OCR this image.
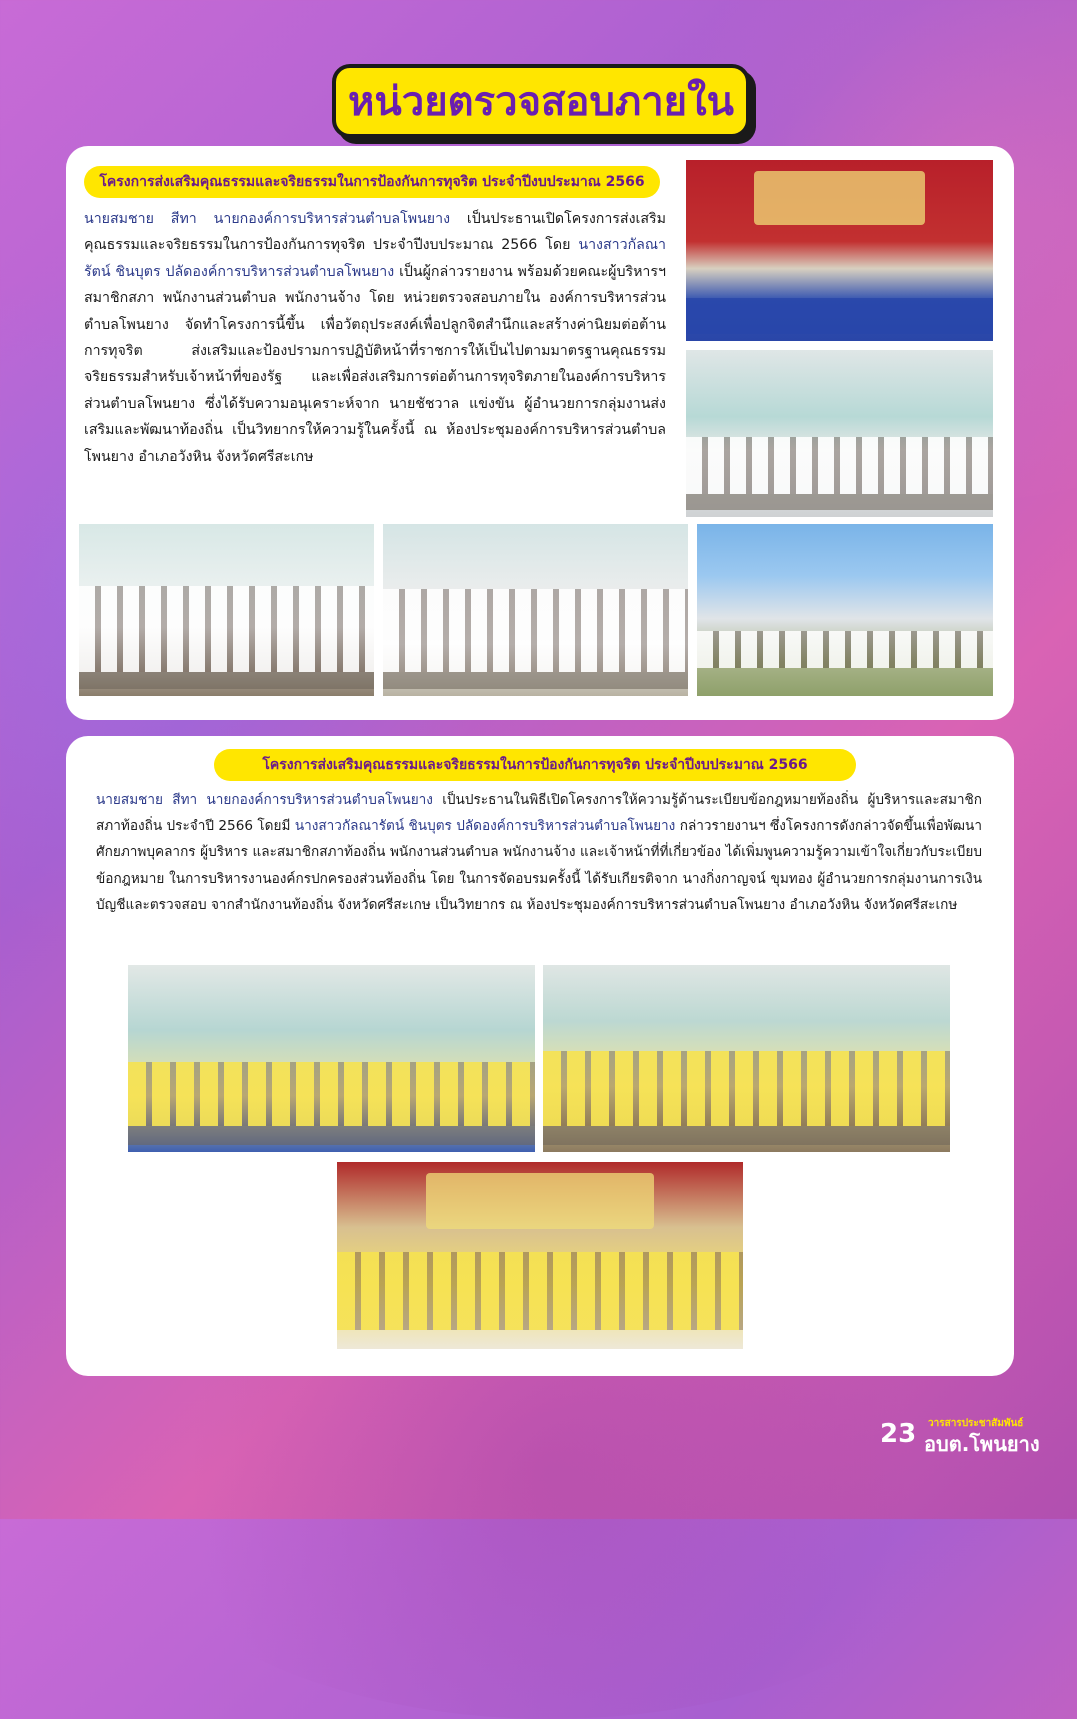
หน่วยตรวจสอบภายใน
โครงการส่งเสริมคุณธรรมและจริยธรรมในการป้องกันการทุจริต ประจำปีงบประมาณ 2566

นายสมชาย สีทา นายกองค์การบริหารส่วนตำบลโพนยาง เป็นประธานเปิดโครงการส่งเสริมคุณธรรมและจริยธรรมในการป้องกันการทุจริต ประจำปีงบประมาณ 2566 โดย นางสาวกัลณารัตน์ ชินบุตร ปลัดองค์การบริหารส่วนตำบลโพนยาง เป็นผู้กล่าวรายงาน พร้อมด้วยคณะผู้บริหารฯ สมาชิกสภา พนักงานส่วนตำบล พนักงานจ้าง โดย หน่วยตรวจสอบภายใน องค์การบริหารส่วนตำบลโพนยาง จัดทำโครงการนี้ขึ้น เพื่อวัตถุประสงค์เพื่อปลูกจิตสำนึกและสร้างค่านิยมต่อต้านการทุจริต ส่งเสริมและป้องปรามการปฏิบัติหน้าที่ราชการให้เป็นไปตามมาตรฐานคุณธรรม จริยธรรมสำหรับเจ้าหน้าที่ของรัฐ และเพื่อส่งเสริมการต่อต้านการทุจริตภายในองค์การบริหารส่วนตำบลโพนยาง ซึ่งได้รับความอนุเคราะห์จาก นายชัชวาล แข่งขัน ผู้อำนวยการกลุ่มงานส่งเสริมและพัฒนาท้องถิ่น เป็นวิทยากรให้ความรู้ในครั้งนี้ ณ ห้องประชุมองค์การบริหารส่วนตำบลโพนยาง อำเภอวังหิน จังหวัดศรีสะเกษ

โครงการส่งเสริมคุณธรรมและจริยธรรมในการป้องกันการทุจริต ประจำปีงบประมาณ 2566

นายสมชาย สีทา นายกองค์การบริหารส่วนตำบลโพนยาง เป็นประธานในพิธีเปิดโครงการให้ความรู้ด้านระเบียบข้อกฎหมายท้องถิ่น ผู้บริหารและสมาชิกสภาท้องถิ่น ประจำปี 2566 โดยมี นางสาวกัลณารัตน์ ชินบุตร ปลัดองค์การบริหารส่วนตำบลโพนยาง กล่าวรายงานฯ ซึ่งโครงการดังกล่าวจัดขึ้นเพื่อพัฒนาศักยภาพบุคลากร ผู้บริหาร และสมาชิกสภาท้องถิ่น พนักงานส่วนตำบล พนักงานจ้าง และเจ้าหน้าที่ที่เกี่ยวข้อง ได้เพิ่มพูนความรู้ความเข้าใจเกี่ยวกับระเบียบข้อกฎหมาย ในการบริหารงานองค์กรปกครองส่วนท้องถิ่น โดย ในการจัดอบรมครั้งนี้ ได้รับเกียรติจาก นางกิ่งกาญจน์ ขุมทอง ผู้อำนวยการกลุ่มงานการเงินบัญชีและตรวจสอบ จากสำนักงานท้องถิ่น จังหวัดศรีสะเกษ เป็นวิทยากร ณ ห้องประชุมองค์การบริหารส่วนตำบลโพนยาง อำเภอวังหิน จังหวัดศรีสะเกษ

23 วารสารประชาสัมพันธ์
อบต.โพนยาง
